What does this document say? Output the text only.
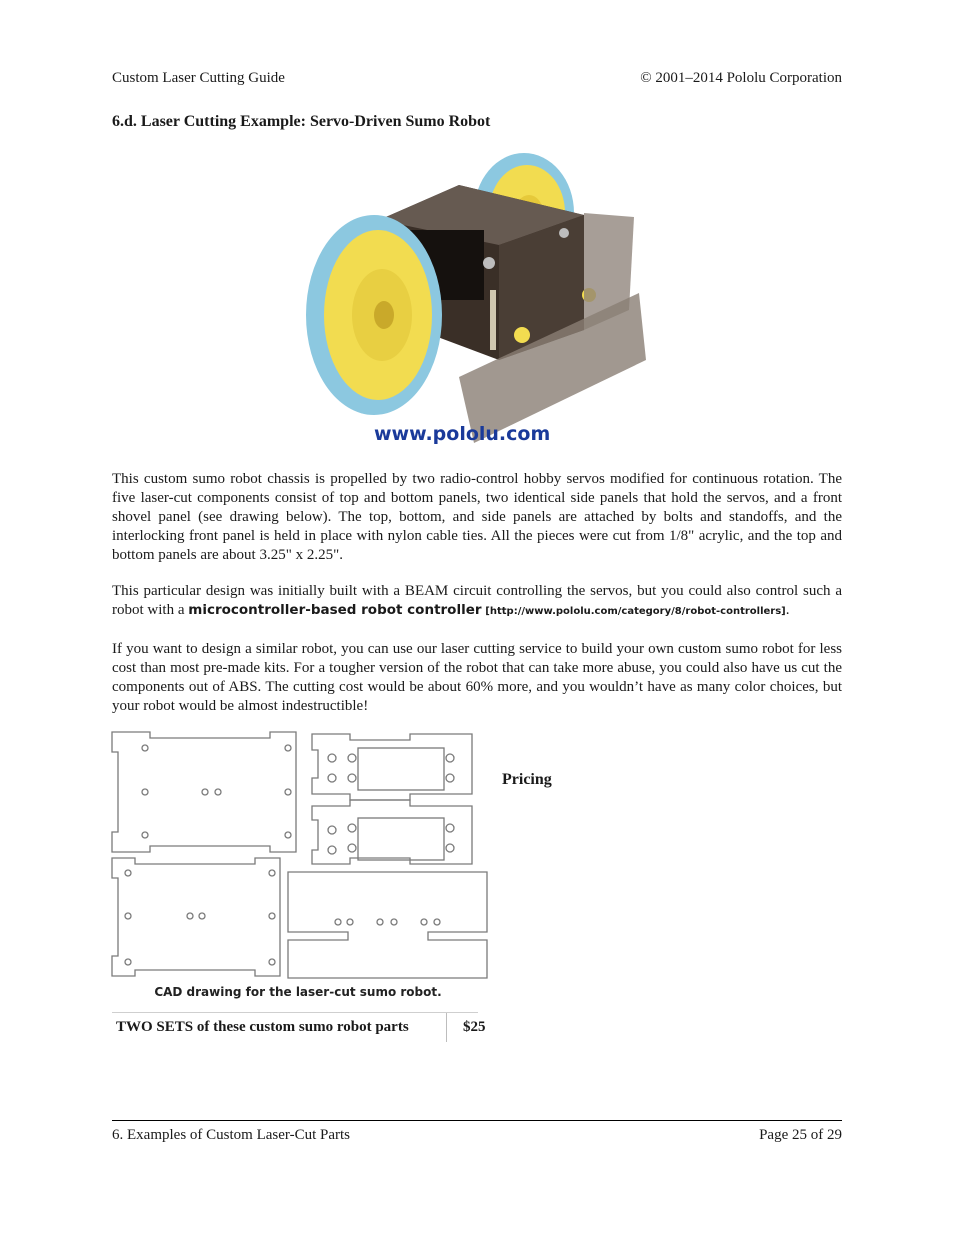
Custom Laser Cutting Guide	© 2001–2014 Pololu Corporation
6.d. Laser Cutting Example: Servo-Driven Sumo Robot
www.pololu.com

This custom sumo robot chassis is propelled by two radio-control hobby servos modified for continuous rotation. The five laser-cut components consist of top and bottom panels, two identical side panels that hold the servos, and a front shovel panel (see drawing below). The top, bottom, and side panels are attached by bolts and standoffs, and the interlocking front panel is held in place with nylon cable ties. All the pieces were cut from 1/8" acrylic, and the top and bottom panels are about 3.25" x 2.25".

This particular design was initially built with a BEAM circuit controlling the servos, but you could also control such a robot with a microcontroller-based robot controller [http://www.pololu.com/category/8/robot-controllers].

If you want to design a similar robot, you can use our laser cutting service to build your own custom sumo robot for less cost than most pre-made kits. For a tougher version of the robot that can take more abuse, you could also have us cut the components out of ABS. The cutting cost would be about 60% more, and you wouldn’t have as many color choices, but your robot would be almost indestructible!

CAD drawing for the laser-cut sumo robot.
Pricing
TWO SETS of these custom sumo robot parts	$25
6. Examples of Custom Laser-Cut Parts	Page 25 of 29
